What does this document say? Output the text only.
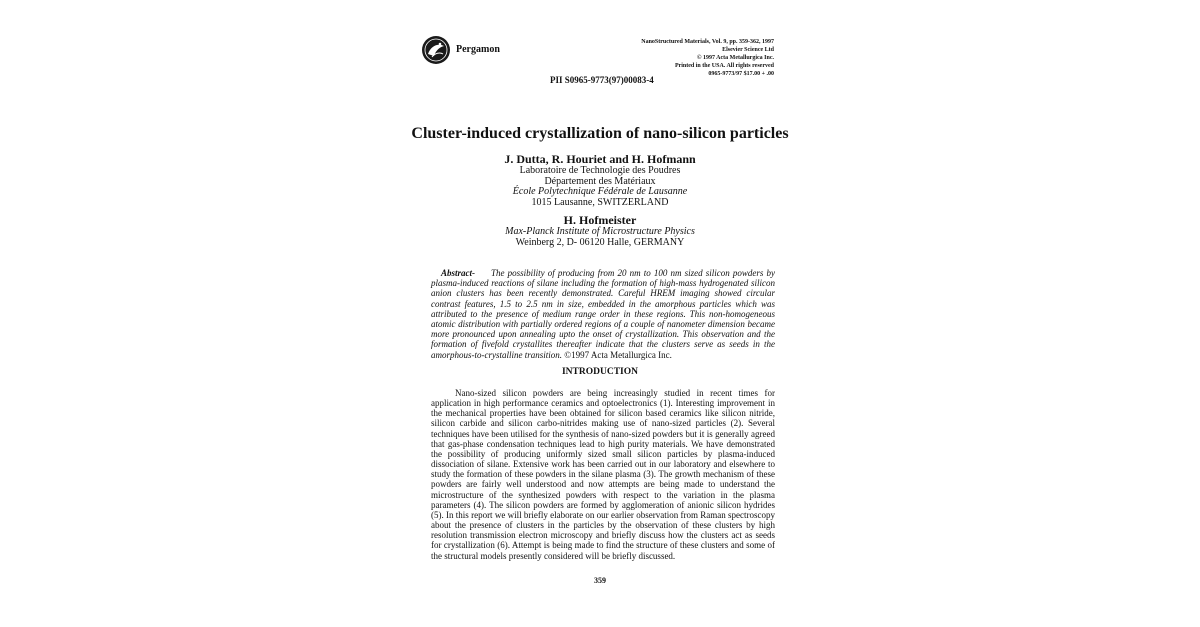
Pergamon
NanoStructured Materials, Vol. 9, pp. 359-362, 1997
Elsevier Science Ltd
© 1997 Acta Metallurgica Inc.
Printed in the USA. All rights reserved
0965-9773/97 $17.00 + .00
PII S0965-9773(97)00083-4
Cluster-induced crystallization of nano-silicon particles
J. Dutta, R. Houriet and H. Hofmann
Laboratoire de Technologie des Poudres
Département des Matériaux
École Polytechnique Fédérale de Lausanne
1015 Lausanne, SWITZERLAND
H. Hofmeister
Max-Planck Institute of Microstructure Physics
Weinberg 2, D- 06120 Halle, GERMANY
Abstract- The possibility of producing from 20 nm to 100 nm sized silicon powders by plasma-induced reactions of silane including the formation of high-mass hydrogenated silicon anion clusters has been recently demonstrated. Careful HREM imaging showed circular contrast features, 1.5 to 2.5 nm in size, embedded in the amorphous particles which was attributed to the presence of medium range order in these regions. This non-homogeneous atomic distribution with partially ordered regions of a couple of nanometer dimension became more pronounced upon annealing upto the onset of crystallization. This observation and the formation of fivefold crystallites thereafter indicate that the clusters serve as seeds in the amorphous-to-crystalline transition. ©1997 Acta Metallurgica Inc.
INTRODUCTION

Nano-sized silicon powders are being increasingly studied in recent times for application in high performance ceramics and optoelectronics (1). Interesting improvement in the mechanical properties have been obtained for silicon based ceramics like silicon nitride, silicon carbide and silicon carbo-nitrides making use of nano-sized particles (2). Several techniques have been utilised for the synthesis of nano-sized powders but it is generally agreed that gas-phase condensation techniques lead to high purity materials. We have demonstrated the possibility of producing uniformly sized small silicon particles by plasma-induced dissociation of silane. Extensive work has been carried out in our laboratory and elsewhere to study the formation of these powders in the silane plasma (3). The growth mechanism of these powders are fairly well understood and now attempts are being made to understand the microstructure of the synthesized powders with respect to the variation in the plasma parameters (4). The silicon powders are formed by agglomeration of anionic silicon hydrides (5). In this report we will briefly elaborate on our earlier observation from Raman spectroscopy about the presence of clusters in the particles by the observation of these clusters by high resolution transmission electron microscopy and briefly discuss how the clusters act as seeds for crystallization (6). Attempt is being made to find the structure of these clusters and some of the structural models presently considered will be briefly discussed.

359
